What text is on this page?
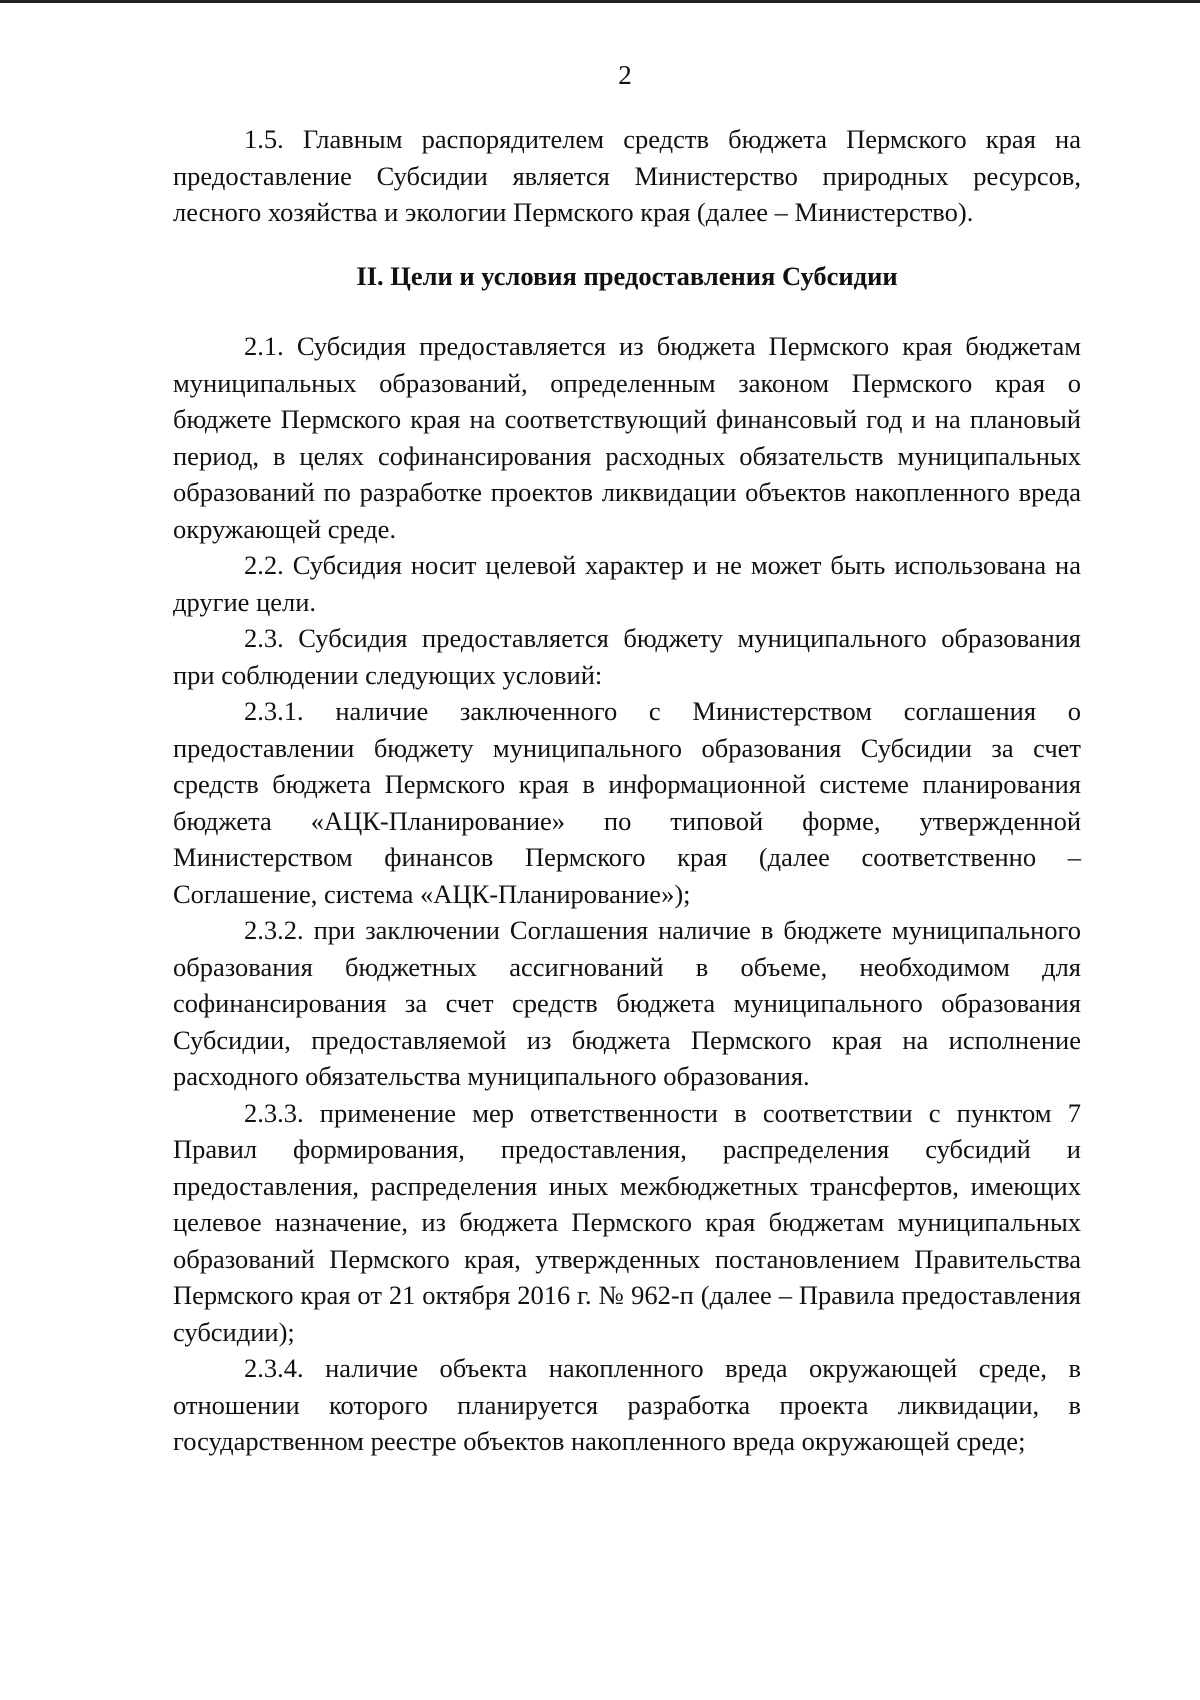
2

1.5. Главным распорядителем средств бюджета Пермского края на предоставление Субсидии является Министерство природных ресурсов, лесного хозяйства и экологии Пермского края (далее – Министерство).

II. Цели и условия предоставления Субсидии

2.1. Субсидия предоставляется из бюджета Пермского края бюджетам муниципальных образований, определенным законом Пермского края о бюджете Пермского края на соответствующий финансовый год и на плановый период, в целях софинансирования расходных обязательств муниципальных образований по разработке проектов ликвидации объектов накопленного вреда окружающей среде.

2.2. Субсидия носит целевой характер и не может быть использована на другие цели.

2.3. Субсидия предоставляется бюджету муниципального образования при соблюдении следующих условий:

2.3.1. наличие заключенного с Министерством соглашения о предоставлении бюджету муниципального образования Субсидии за счет средств бюджета Пермского края в информационной системе планирования бюджета «АЦК-Планирование» по типовой форме, утвержденной Министерством финансов Пермского края (далее соответственно – Соглашение, система «АЦК-Планирование»);

2.3.2. при заключении Соглашения наличие в бюджете муниципального образования бюджетных ассигнований в объеме, необходимом для софинансирования за счет средств бюджета муниципального образования Субсидии, предоставляемой из бюджета Пермского края на исполнение расходного обязательства муниципального образования.

2.3.3. применение мер ответственности в соответствии с пунктом 7 Правил формирования, предоставления, распределения субсидий и предоставления, распределения иных межбюджетных трансфертов, имеющих целевое назначение, из бюджета Пермского края бюджетам муниципальных образований Пермского края, утвержденных постановлением Правительства Пермского края от 21 октября 2016 г. № 962-п (далее – Правила предоставления субсидии);

2.3.4. наличие объекта накопленного вреда окружающей среде, в отношении которого планируется разработка проекта ликвидации, в государственном реестре объектов накопленного вреда окружающей среде;
